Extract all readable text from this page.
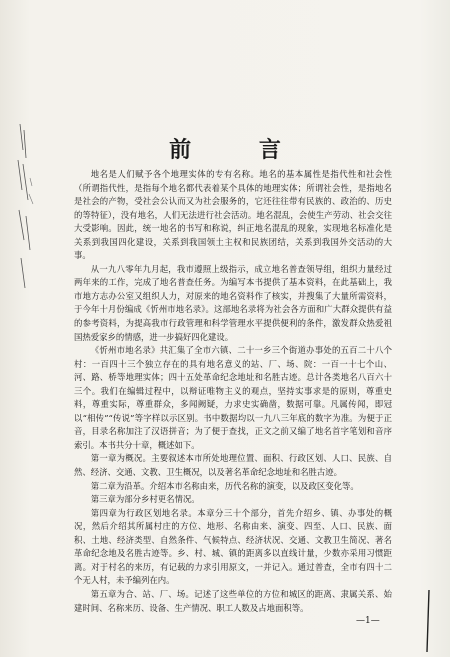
前 言

地名是人们赋予各个地理实体的专有名称。地名的基本属性是指代性和社会性（所谓指代性，是指每个地名都代表着某个具体的地理实体；所谓社会性，是指地名是社会的产物，受社会公认而又为社会服务的，它还往往带有民族的、政治的、历史的等特征），没有地名，人们无法进行社会活动。地名混乱，会使生产劳动、社会交往大受影响。因此，统一地名的书写和称说，纠正地名混乱的现象，实现地名标准化是关系到我国四化建设，关系到我国领土主权和民族团结，关系到我国外交活动的大事。

从一九八零年九月起，我市遵照上级指示，成立地名普查领导组，组织力量经过两年来的工作，完成了地名普查任务。为编写本书提供了基本资料，在此基础上，我市地方志办公室又组织人力，对原来的地名资料作了核实，并搜集了大量所需资料，于今年十月份编成《忻州市地名录》。这部地名录将为社会各方面和广大群众提供有益的参考资料，为提高我市行政管理和科学管理水平提供便利的条件，激发群众热爱祖国热爱家乡的情感，进一步搞好四化建设。

《忻州市地名录》共汇集了全市六镇、二十一乡三个街道办事处的五百二十八个村：一百四十三个独立存在的具有地名意义的站、厂、场、院：一百一十七个山、河、路、桥等地理实体；四十五处革命纪念地址和名胜古迹。总计各类地名八百六十三个。我们在编辑过程中，以辩证唯物主义的观点，坚持实事求是的原则，尊重史料，尊重实际，尊重群众，多闻阙疑，力求史实确凿，数据可靠。凡属传闻，即冠以“相传”“传说”等字样以示区别。书中数据均以一九八三年底的数字为准。为便于正音，目录名称加注了汉语拼音；为了便于查找，正文之前又编了地名首字笔划和音序索引。本书共分十章，概述如下。

第一章为概况。主要叙述本市所处地理位置、面积、行政区划、人口、民族、自然、经济、交通、文教、卫生概况，以及著名革命纪念地址和名胜古迹。

第二章为沿革。介绍本市名称由来，历代名称的演变，以及政区变化等。

第三章为部分乡村更名情况。

第四章为行政区划地名录。本章分三十个部分，首先介绍乡、镇、办事处的概况，然后介绍其所属村庄的方位、地形、名称由来、演变、四至、人口、民族、面积、土地、经济类型、自然条件、气候特点、经济状况、交通、文教卫生简况、著名革命纪念地及名胜古迹等。乡、村、城、镇的距离多以直线计量，少数亦采用习惯距离。对于村名的来历，有记载的力求引用原文，一并记入。通过普查，全市有四十二个无人村，未予编列在内。

第五章为合、站、厂、场。记述了这些单位的方位和城区的距离、隶属关系、始建时间、名称来历、设备、生产情况、职工人数及占地面积等。

—1—
